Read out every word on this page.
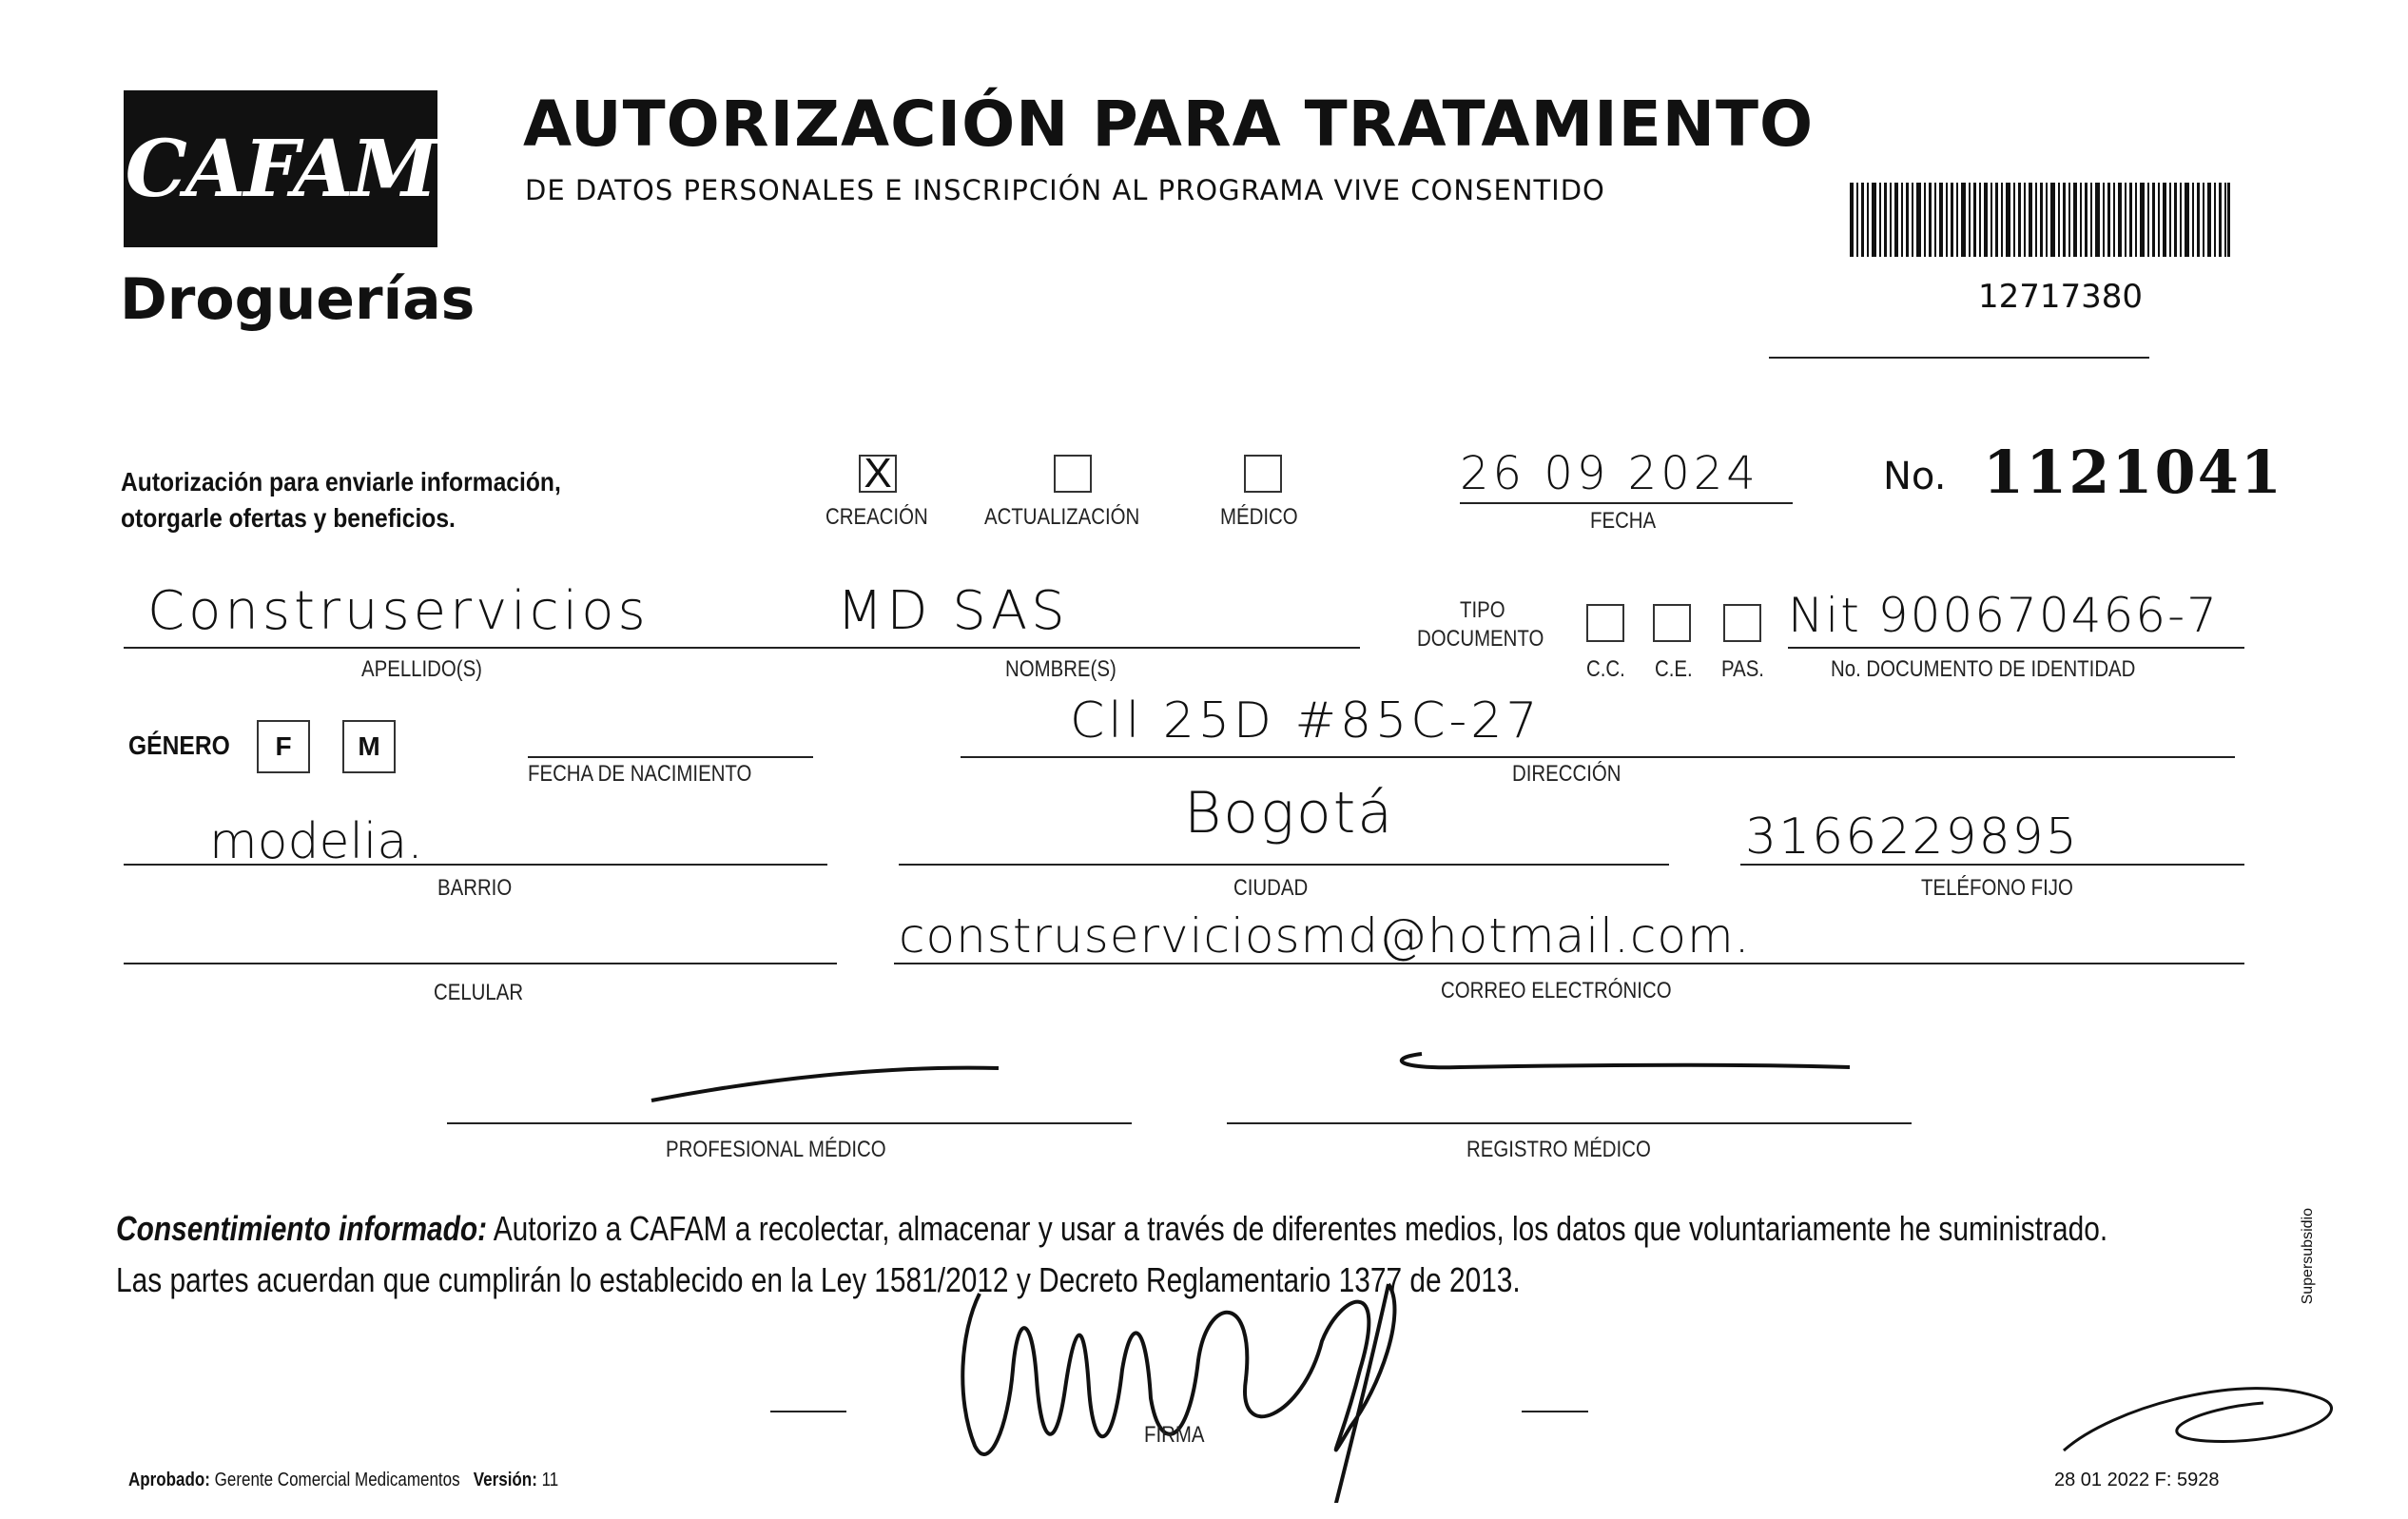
CAFAM
Droguerías
AUTORIZACIÓN PARA TRATAMIENTO
DE DATOS PERSONALES E INSCRIPCIÓN AL PROGRAMA VIVE CONSENTIDO
12717380
Autorización para enviarle información,
otorgarle ofertas y beneficios.
X
CREACIÓN ACTUALIZACIÓN	MÉDICO
26 09 2024
FECHA
No. 1121041
Construservicios
APELLIDO(S)
MD SAS
NOMBRE(S)
TIPO
DOCUMENTO
C.C. C.E. PAS.
Nit 900670466-7
No. DOCUMENTO DE IDENTIDAD
GÉNERO F M
FECHA DE NACIMIENTO
Cll 25D #85C-27
DIRECCIÓN
modelia.
BARRIO
Bogotá
CIUDAD
3166229895
TELÉFONO FIJO
CELULAR
construserviciosmd@hotmail.com.
CORREO ELECTRÓNICO
PROFESIONAL MÉDICO	REGISTRO MÉDICO
Consentimiento informado: Autorizo a CAFAM a recolectar, almacenar y usar a través de diferentes medios, los datos que voluntariamente he suministrado.
Las partes acuerdan que cumplirán lo establecido en la Ley 1581/2012 y Decreto Reglamentario 1377 de 2013.
FIRMA
Aprobado: Gerente Comercial Medicamentos Versión: 11	28 01 2022 F: 5928
Supersubsidio
